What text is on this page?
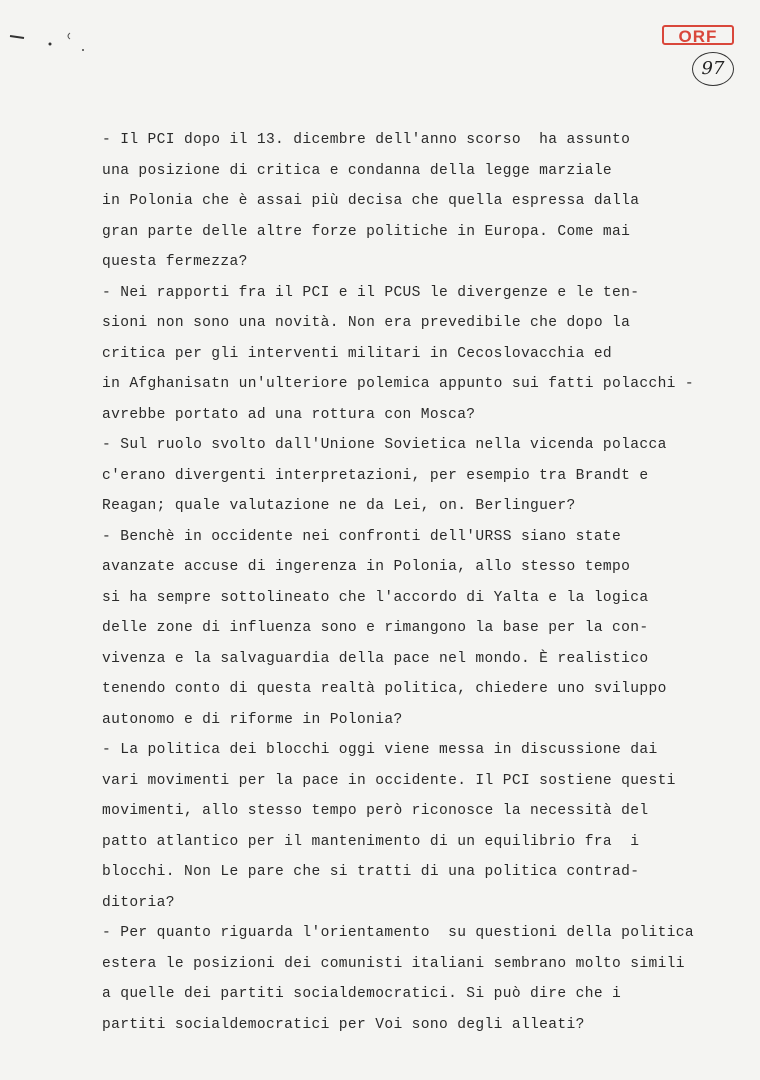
ORF
97
- Il PCI dopo il 13. dicembre dell'anno scorso  ha assunto
una posizione di critica e condanna della legge marziale
in Polonia che è assai più decisa che quella espressa dalla
gran parte delle altre forze politiche in Europa. Come mai
questa fermezza?
- Nei rapporti fra il PCI e il PCUS le divergenze e le ten-
sioni non sono una novità. Non era prevedibile che dopo la
critica per gli interventi militari in Cecoslovacchia ed
in Afghanisatn un'ulteriore polemica appunto sui fatti polacchi -
avrebbe portato ad una rottura con Mosca?
- Sul ruolo svolto dall'Unione Sovietica nella vicenda polacca
c'erano divergenti interpretazioni, per esempio tra Brandt e
Reagan; quale valutazione ne da Lei, on. Berlinguer?
- Benchè in occidente nei confronti dell'URSS siano state
avanzate accuse di ingerenza in Polonia, allo stesso tempo
si ha sempre sottolineato che l'accordo di Yalta e la logica
delle zone di influenza sono e rimangono la base per la con-
vivenza e la salvaguardia della pace nel mondo. È realistico
tenendo conto di questa realtà politica, chiedere uno sviluppo
autonomo e di riforme in Polonia?
- La politica dei blocchi oggi viene messa in discussione dai
vari movimenti per la pace in occidente. Il PCI sostiene questi
movimenti, allo stesso tempo però riconosce la necessità del
patto atlantico per il mantenimento di un equilibrio fra  i
blocchi. Non Le pare che si tratti di una politica contrad-
ditoria?
- Per quanto riguarda l'orientamento  su questioni della politica
estera le posizioni dei comunisti italiani sembrano molto simili
a quelle dei partiti socialdemocratici. Si può dire che i
partiti socialdemocratici per Voi sono degli alleati?
